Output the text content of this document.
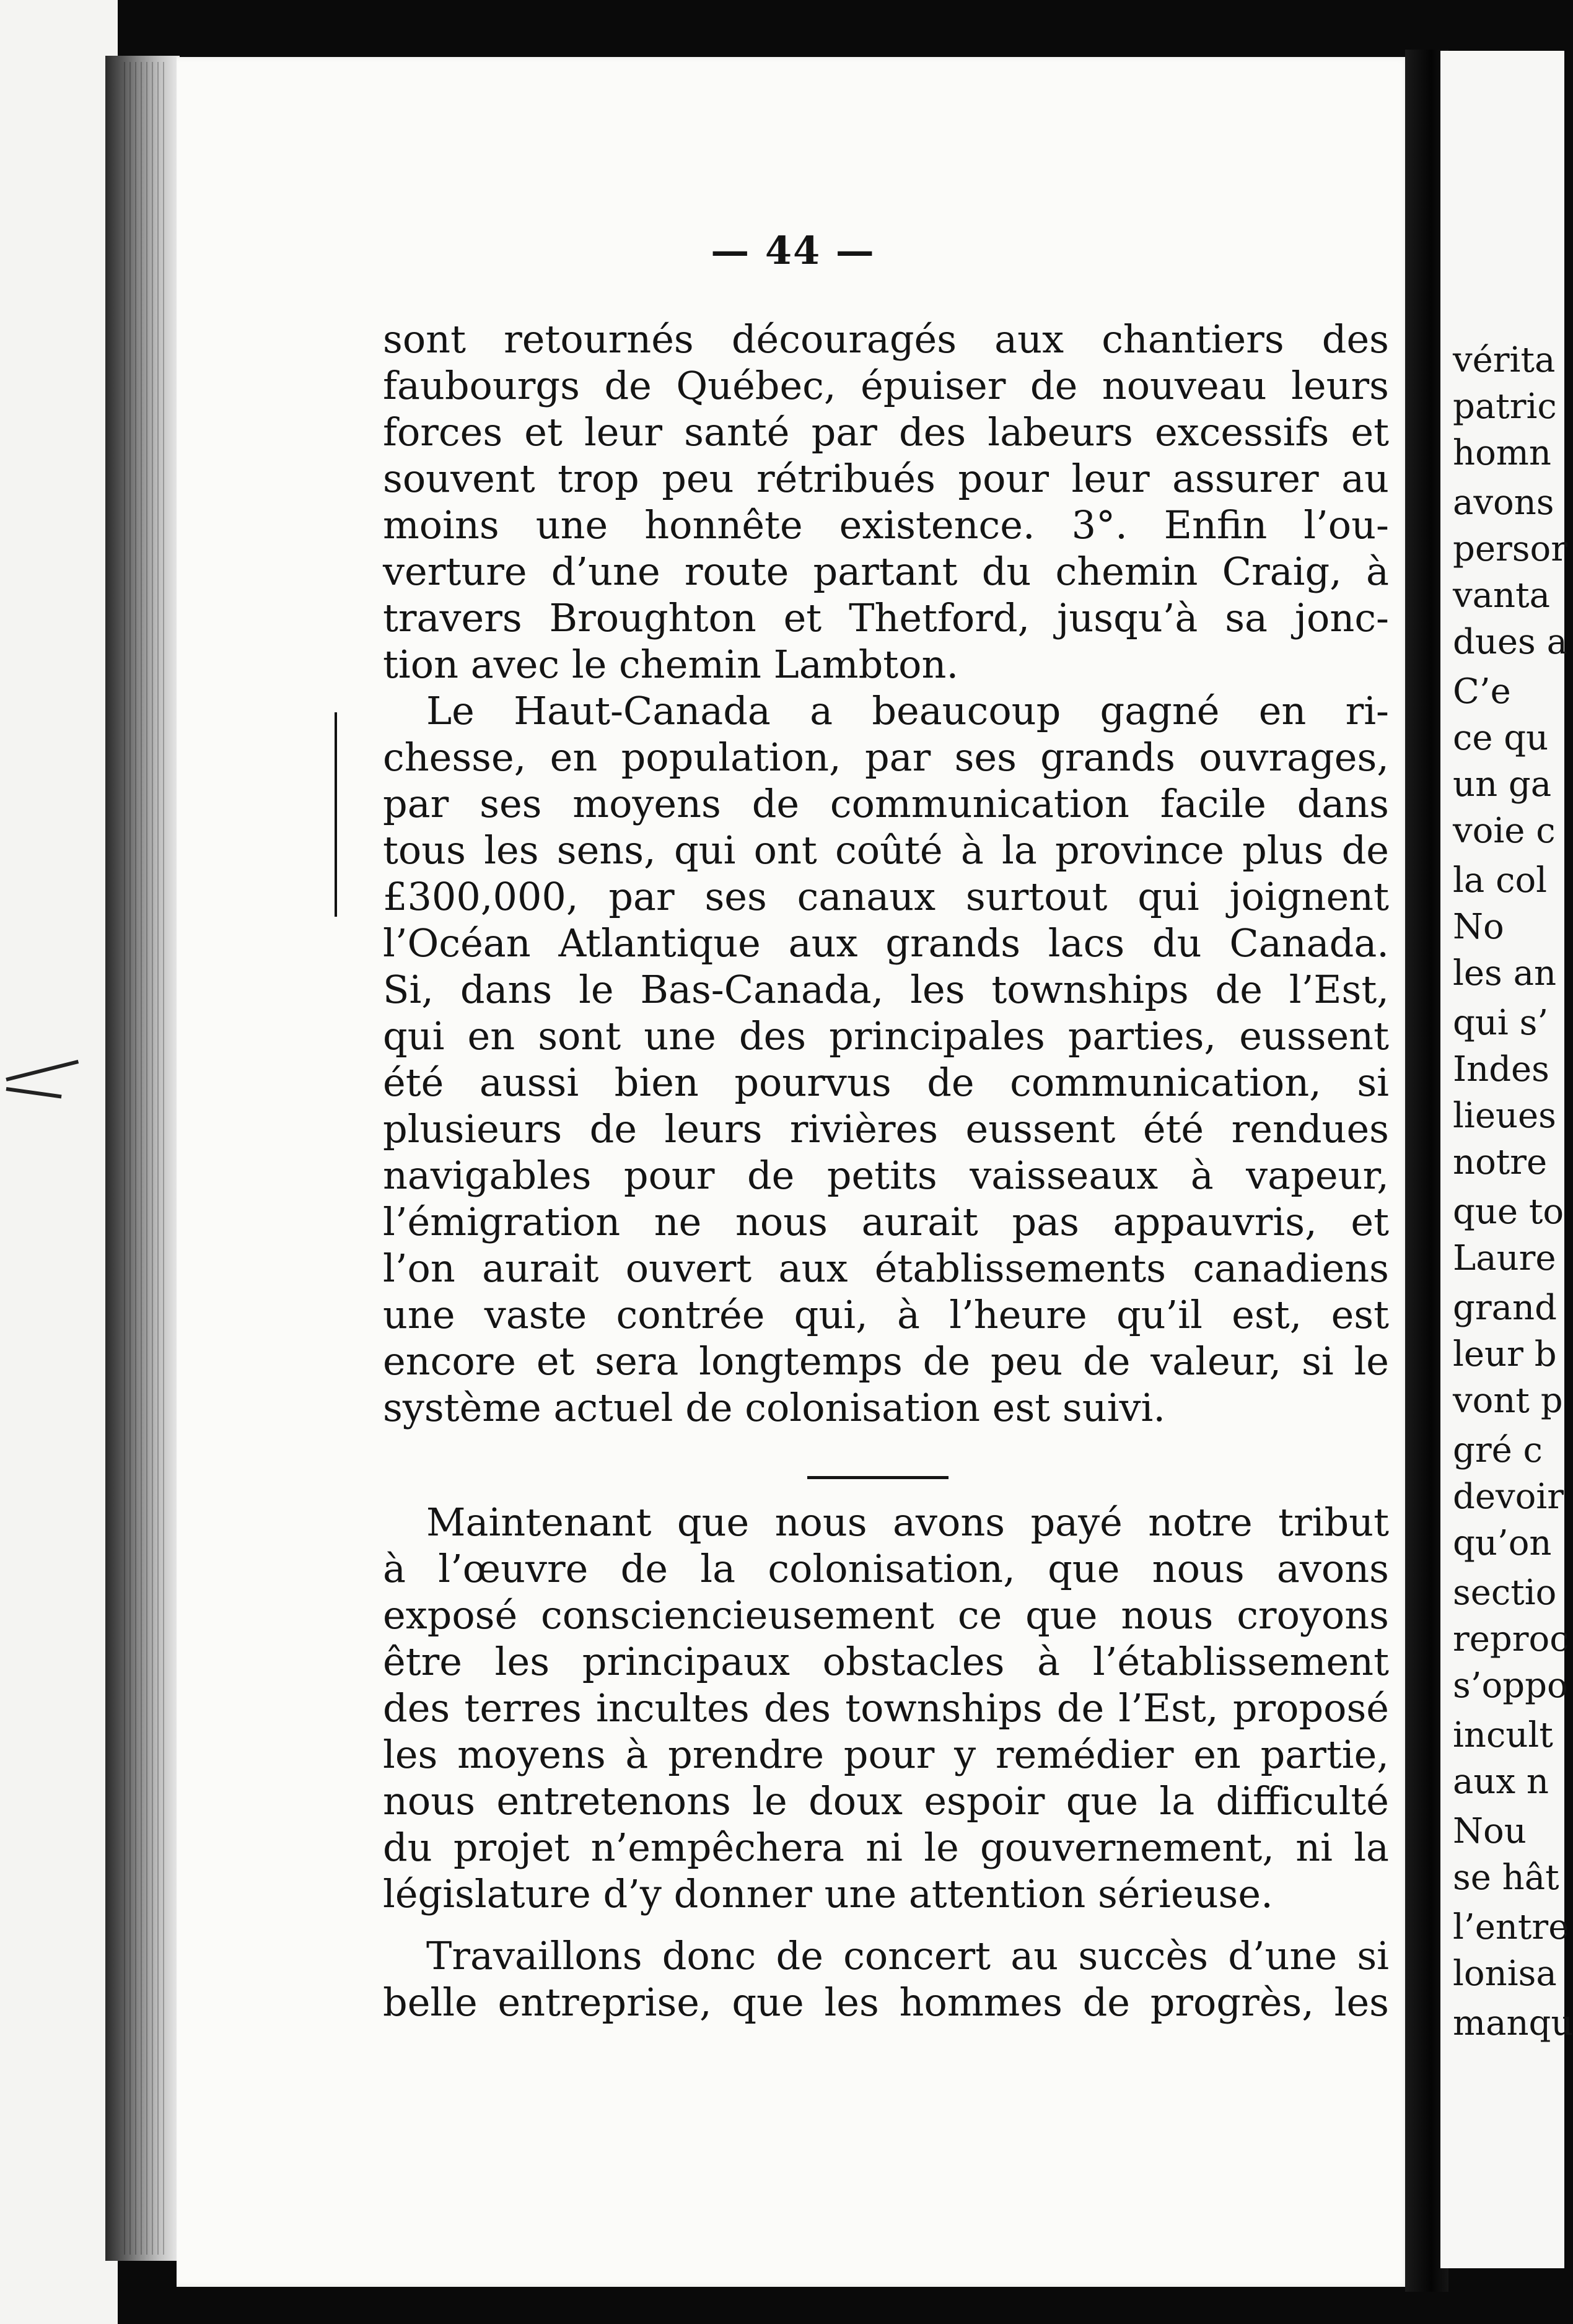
— 44 —
sont retournés découragés aux chantiers des
faubourgs de Québec, épuiser de nouveau leurs
forces et leur santé par des labeurs excessifs et
souvent trop peu rétribués pour leur assurer au
moins une honnête existence. 3°. Enfin l’ou-
verture d’une route partant du chemin Craig, à
travers Broughton et Thetford, jusqu’à sa jonc-
tion avec le chemin Lambton.
Le Haut-Canada a beaucoup gagné en ri-
chesse, en population, par ses grands ouvrages,
par ses moyens de communication facile dans
tous les sens, qui ont coûté à la province plus de
£300,000, par ses canaux surtout qui joignent
l’Océan Atlantique aux grands lacs du Canada.
Si, dans le Bas-Canada, les townships de l’Est,
qui en sont une des principales parties, eussent
été aussi bien pourvus de communication, si
plusieurs de leurs rivières eussent été rendues
navigables pour de petits vaisseaux à vapeur,
l’émigration ne nous aurait pas appauvris, et
l’on aurait ouvert aux établissements canadiens
une vaste contrée qui, à l’heure qu’il est, est
encore et sera longtemps de peu de valeur, si le
système actuel de colonisation est suivi.
Maintenant que nous avons payé notre tribut
à l’œuvre de la colonisation, que nous avons
exposé consciencieusement ce que nous croyons
être les principaux obstacles à l’établissement
des terres incultes des townships de l’Est, proposé
les moyens à prendre pour y remédier en partie,
nous entretenons le doux espoir que la difficulté
du projet n’empêchera ni le gouvernement, ni la
législature d’y donner une attention sérieuse.
Travaillons donc de concert au succès d’une si
belle entreprise, que les hommes de progrès, les
vérita
patric
homn
avons
persor
vanta
dues a
C’e
ce qu
un ga
voie c
la col
No
les an
qui s’
Indes
lieues
notre
que to
Laure
grand
leur b
vont p
gré c
devoir
qu’on
sectio
reproc
s’oppo
incult
aux n
Nou
se hât
l’entre
lonisa
manqu
